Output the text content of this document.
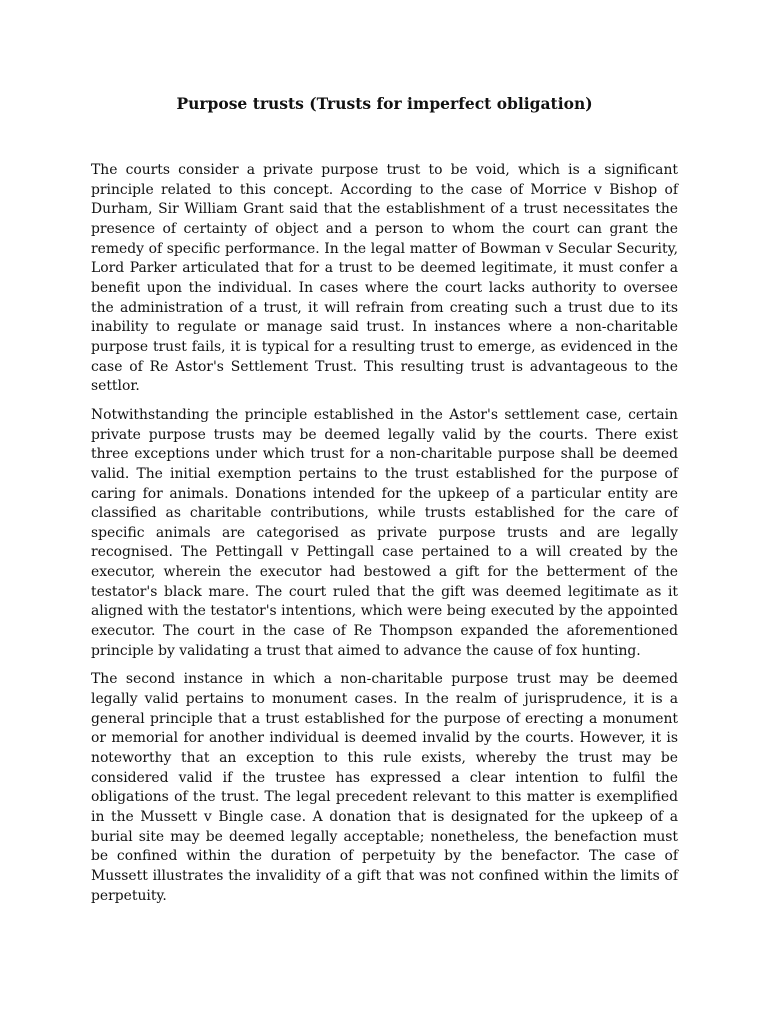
Purpose trusts (Trusts for imperfect obligation)

The courts consider a private purpose trust to be void, which is a significant principle related to this concept. According to the case of Morrice v Bishop of Durham, Sir William Grant said that the establishment of a trust necessitates the presence of certainty of object and a person to whom the court can grant the remedy of specific performance. In the legal matter of Bowman v Secular Security, Lord Parker articulated that for a trust to be deemed legitimate, it must confer a benefit upon the individual. In cases where the court lacks authority to oversee the administration of a trust, it will refrain from creating such a trust due to its inability to regulate or manage said trust. In instances where a non-charitable purpose trust fails, it is typical for a resulting trust to emerge, as evidenced in the case of Re Astor's Settlement Trust. This resulting trust is advantageous to the settlor.

Notwithstanding the principle established in the Astor's settlement case, certain private purpose trusts may be deemed legally valid by the courts. There exist three exceptions under which trust for a non-charitable purpose shall be deemed valid. The initial exemption pertains to the trust established for the purpose of caring for animals. Donations intended for the upkeep of a particular entity are classified as charitable contributions, while trusts established for the care of specific animals are categorised as private purpose trusts and are legally recognised. The Pettingall v Pettingall case pertained to a will created by the executor, wherein the executor had bestowed a gift for the betterment of the testator's black mare. The court ruled that the gift was deemed legitimate as it aligned with the testator's intentions, which were being executed by the appointed executor. The court in the case of Re Thompson expanded the aforementioned principle by validating a trust that aimed to advance the cause of fox hunting.

The second instance in which a non-charitable purpose trust may be deemed legally valid pertains to monument cases. In the realm of jurisprudence, it is a general principle that a trust established for the purpose of erecting a monument or memorial for another individual is deemed invalid by the courts. However, it is noteworthy that an exception to this rule exists, whereby the trust may be considered valid if the trustee has expressed a clear intention to fulfil the obligations of the trust. The legal precedent relevant to this matter is exemplified in the Mussett v Bingle case. A donation that is designated for the upkeep of a burial site may be deemed legally acceptable; nonetheless, the benefaction must be confined within the duration of perpetuity by the benefactor. The case of Mussett illustrates the invalidity of a gift that was not confined within the limits of perpetuity.
